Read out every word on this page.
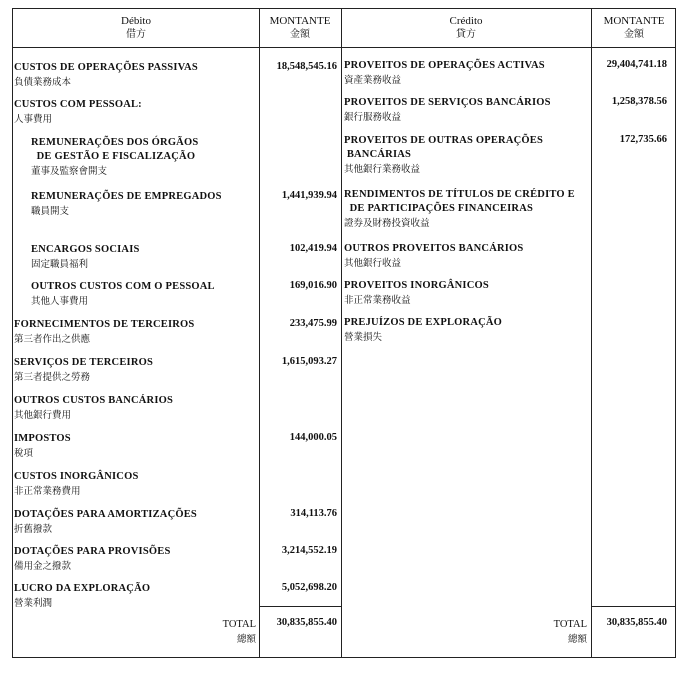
Débito
借方
MONTANTE
金額
Crédito
貸方
MONTANTE
金額
CUSTOS DE OPERAÇÕES PASSIVAS
負債業務成本
18,548,545.16
CUSTOS COM PESSOAL:
人事費用
REMUNERAÇÕES DOS ÓRGÃOS
DE GESTÃO E FISCALIZAÇÃO
董事及監察會開支
REMUNERAÇÕES DE EMPREGADOS
職員開支
1,441,939.94
ENCARGOS SOCIAIS
固定職員福利
102,419.94
OUTROS CUSTOS COM O PESSOAL
其他人事費用
169,016.90
FORNECIMENTOS DE TERCEIROS
第三者作出之供應
233,475.99
SERVIÇOS DE TERCEIROS
第三者提供之勞務
1,615,093.27
OUTROS CUSTOS BANCÁRIOS
其他銀行費用
IMPOSTOS
稅項
144,000.05
CUSTOS INORGÂNICOS
非正常業務費用
DOTAÇÕES PARA AMORTIZAÇÕES
折舊撥款
314,113.76
DOTAÇÕES PARA PROVISÕES
備用金之撥款
3,214,552.19
LUCRO DA EXPLORAÇÃO
營業利潤
5,052,698.20
PROVEITOS DE OPERAÇÕES ACTIVAS
資產業務收益
29,404,741.18
PROVEITOS DE SERVIÇOS BANCÁRIOS
銀行服務收益
1,258,378.56
PROVEITOS DE OUTRAS OPERAÇÕES
BANCÁRIAS
其他銀行業務收益
172,735.66
RENDIMENTOS DE TÍTULOS DE CRÉDITO E
DE PARTICIPAÇÕES FINANCEIRAS
證券及財務投資收益
OUTROS PROVEITOS BANCÁRIOS
其他銀行收益
PROVEITOS INORGÂNICOS
非正常業務收益
PREJUÍZOS DE EXPLORAÇÃO
營業損失
TOTAL
總額
30,835,855.40	TOTAL
總額
30,835,855.40
